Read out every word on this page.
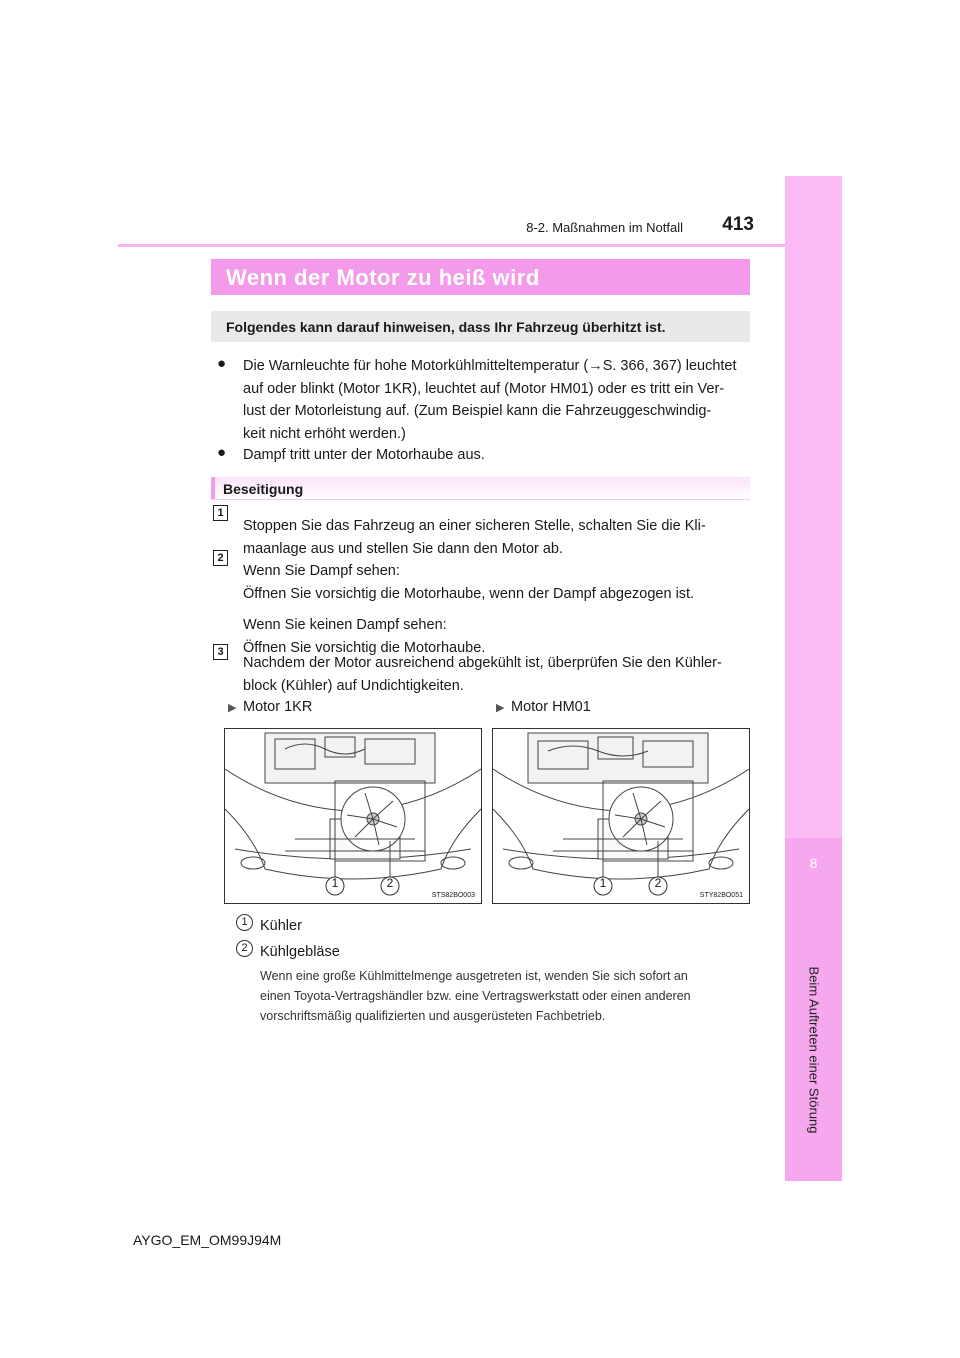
8
Beim Auftreten einer Störung
8-2. Maßnahmen im Notfall	413
Wenn der Motor zu heiß wird
Folgendes kann darauf hinweisen, dass Ihr Fahrzeug überhitzt ist.
● Die Warnleuchte für hohe Motorkühlmitteltemperatur (→S. 366, 367) leuchtet
auf oder blinkt (Motor 1KR), leuchtet auf (Motor HM01) oder es tritt ein Ver-
lust der Motorleistung auf. (Zum Beispiel kann die Fahrzeuggeschwindig-
keit nicht erhöht werden.)
● Dampf tritt unter der Motorhaube aus.
Beseitigung
1
Stoppen Sie das Fahrzeug an einer sicheren Stelle, schalten Sie die Kli-
maanlage aus und stellen Sie dann den Motor ab.
2
Wenn Sie Dampf sehen:
Öffnen Sie vorsichtig die Motorhaube, wenn der Dampf abgezogen ist.
Wenn Sie keinen Dampf sehen:
Öffnen Sie vorsichtig die Motorhaube.
3
Nachdem der Motor ausreichend abgekühlt ist, überprüfen Sie den Kühler-
block (Kühler) auf Undichtigkeiten.
▶ Motor 1KR	▶ Motor HM01
1	2
STS82BO003
1	2
STY82BO051
1 Kühler
2 Kühlgebläse
Wenn eine große Kühlmittelmenge ausgetreten ist, wenden Sie sich sofort an
einen Toyota-Vertragshändler bzw. eine Vertragswerkstatt oder einen anderen
vorschriftsmäßig qualifizierten und ausgerüsteten Fachbetrieb.
AYGO_EM_OM99J94M
